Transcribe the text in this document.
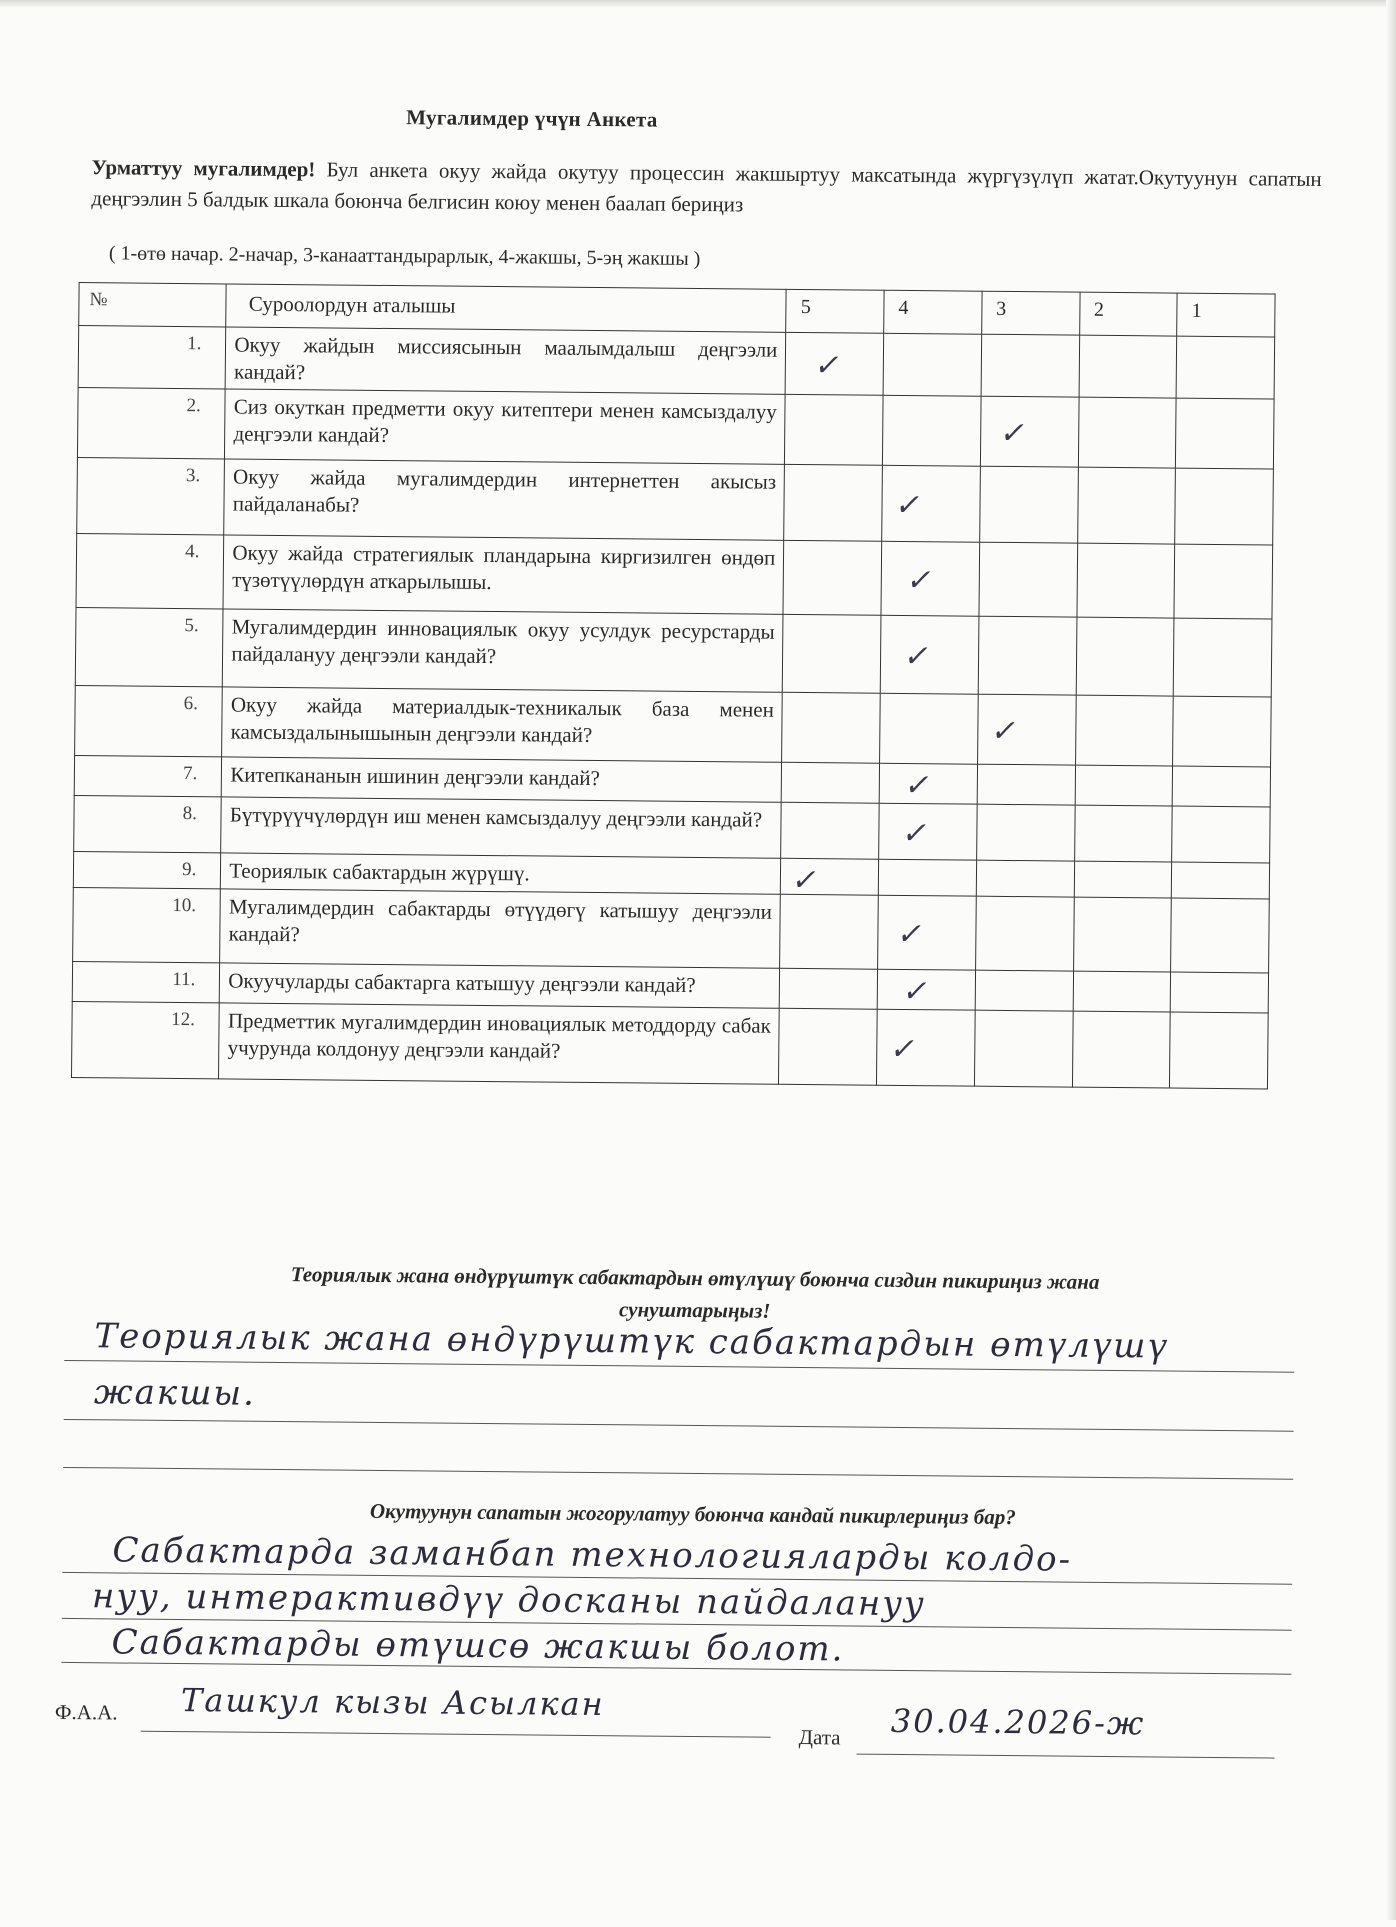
Мугалимдер үчүн Анкета
Урматтуу мугалимдер! Бул анкета окуу жайда окутуу процессин жакшыртуу максатында жүргүзүлүп жатат.Окутуунун сапатын деңгээлин 5 балдык шкала боюнча белгисин коюу менен баалап бериңиз
( 1-өтө начар. 2-начар, 3-канааттандырарлык, 4-жакшы, 5-эң жакшы )
№	Суроолордун аталышы	5	4	3	2	1
1.	Окуу жайдын миссиясынын маалымдалыш деңгээли кандай?	✓				

2.	Сиз окуткан предметти окуу китептери менен камсыздалуу деңгээли кандай?			✓		

3.	Окуу жайда мугалимдердин интернеттен акысыз пайдаланабы?		✓			

4.	Окуу жайда стратегиялык пландарына киргизилген өндөп түзөтүүлөрдүн аткарылышы.		✓			

5.	Мугалимдердин инновациялык окуу усулдук ресурстарды пайдалануу деңгээли кандай?		✓			

6.	Окуу жайда материалдык-техникалык база менен камсыздалынышынын деңгээли кандай?			✓		

7.	Китепкананын ишинин деңгээли кандай?		✓			

8.	Бүтүрүүчүлөрдүн иш менен камсыздалуу деңгээли кандай?		✓			

9.	Теориялык сабактардын жүрүшү.	✓				

10.	Мугалимдердин сабактарды өтүүдөгү катышуу деңгээли кандай?		✓			

11.	Окуучуларды сабактарга катышуу деңгээли кандай?		✓			

12.	Предметтик мугалимдердин иновациялык методдорду сабак учурунда колдонуу деңгээли кандай?		✓			

Теориялык жана өндүрүштүк сабактардын өтүлүшү боюнча сиздин пикириңиз жана
сунуштарыңыз!
Теориялык жана өндүрүштүк сабактардын өтүлүшү
жакшы.
Окутуунун сапатын жогорулатуу боюнча кандай пикирлериңиз бар?
Сабактарда заманбап технологияларды колдо-
нуу, интерактивдүү досканы пайдалануу
Сабактарды өтүшсө жакшы болот.
Ф.А.А. Ташкул кызы Асылкан
Дата 30.04.2026-ж
